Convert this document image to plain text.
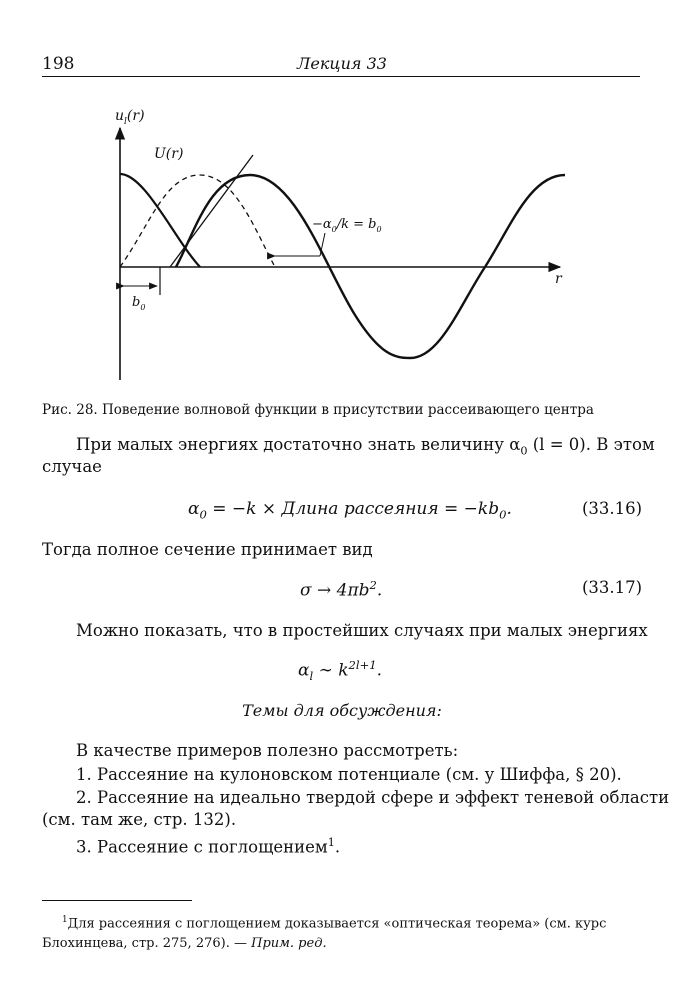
198	Лекция 33
$u_l(r)$
U(r)
r
$-\alpha_0/k = b_0$
$b_0$
Рис. 28. Поведение волновой функции в присутствии рассеивающего центра
При малых энергиях достаточно знать величину $\alpha_0$ (l = 0). В этом
случае
$\alpha_0 = -k$ × Длина рассеяния = $-kb_0$.	(33.16)
Тогда полное сечение принимает вид
$\sigma \to 4\pi b^2$.	(33.17)
Можно показать, что в простейших случаях при малых энергиях
$\alpha_l$ ∼ $k^{2l+1}$.
Темы для обсуждения:
В качестве примеров полезно рассмотреть:
1. Рассеяние на кулоновском потенциале (см. у Шиффа, § 20).
2. Рассеяние на идеально твердой сфере и эффект теневой области
(см. там же, стр. 132).
3. Рассеяние с поглощением$^1$.
$^1$Для рассеяния с поглощением доказывается «оптическая теорема» (см. курс Блохинцева, стр. 275, 276). — Прим. ред.
